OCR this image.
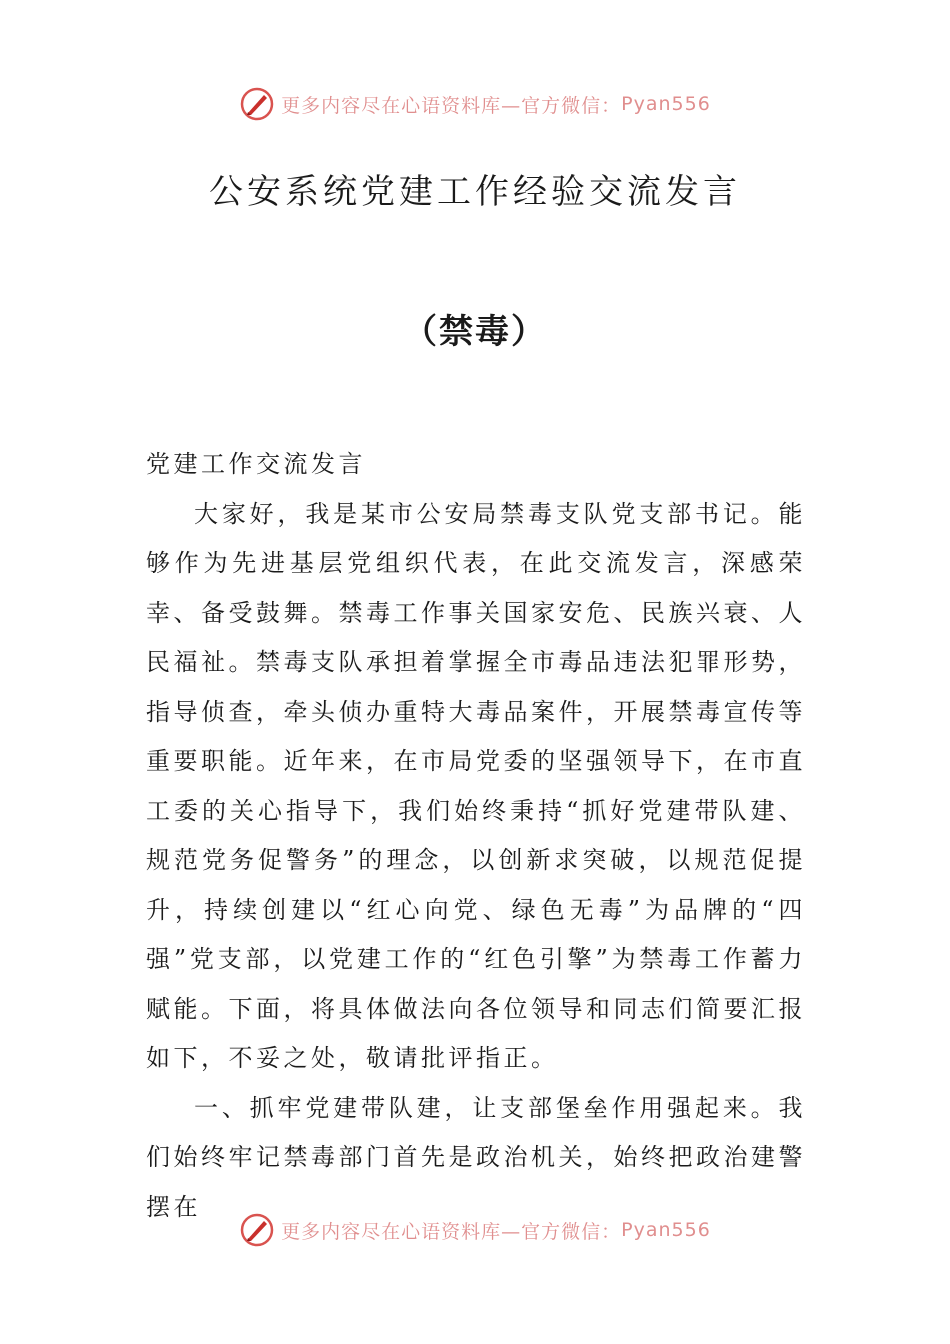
更多内容尽在心语资料库—官方微信： Pyan556
公安系统党建工作经验交流发言
（禁毒）

党建工作交流发言

大家好，我是某市公安局禁毒支队党支部书记。能够作为先进基层党组织代表，在此交流发言，深感荣幸、备受鼓舞。禁毒工作事关国家安危、民族兴衰、人民福祉。禁毒支队承担着掌握全市毒品违法犯罪形势，指导侦查，牵头侦办重特大毒品案件，开展禁毒宣传等重要职能。近年来，在市局党委的坚强领导下，在市直工委的关心指导下，我们始终秉持“抓好党建带队建、规范党务促警务”的理念，以创新求突破，以规范促提升，持续创建以“红心向党、绿色无毒”为品牌的“四强”党支部，以党建工作的“红色引擎”为禁毒工作蓄力赋能。下面，将具体做法向各位领导和同志们简要汇报如下，不妥之处，敬请批评指正。

一、抓牢党建带队建，让支部堡垒作用强起来。我们始终牢记禁毒部门首先是政治机关，始终把政治建警摆在

更多内容尽在心语资料库—官方微信： Pyan556
